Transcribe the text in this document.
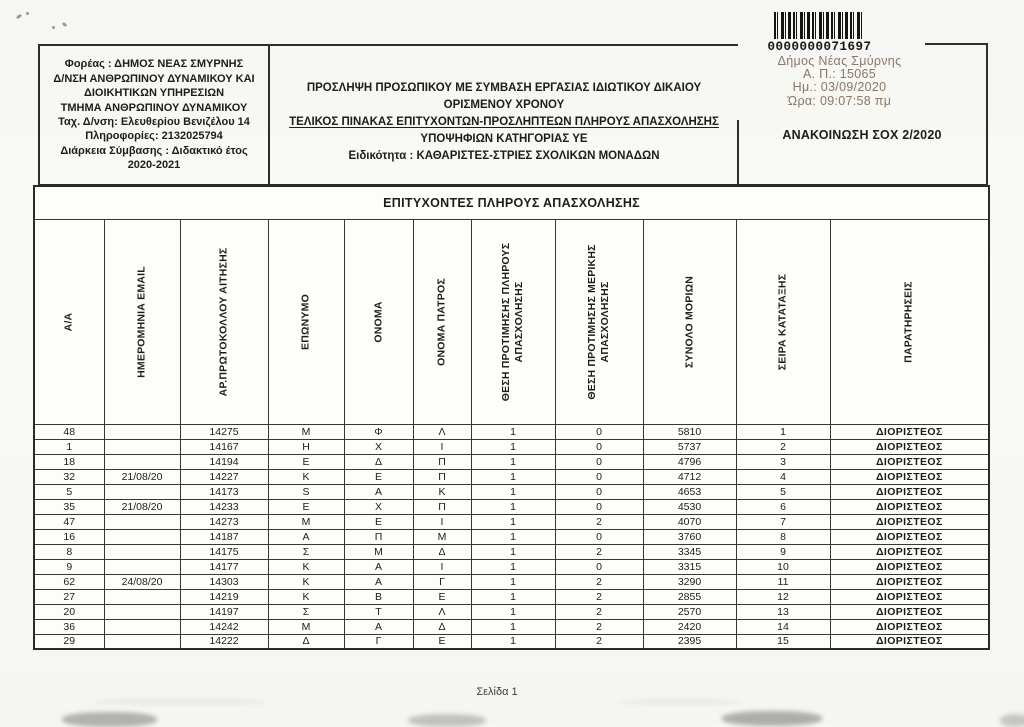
Φορέας : ΔΗΜΟΣ ΝΕΑΣ ΣΜΥΡΝΗΣ
Δ/ΝΣΗ ΑΝΘΡΩΠΙΝΟΥ ΔΥΝΑΜΙΚΟΥ ΚΑΙ
ΔΙΟΙΚΗΤΙΚΩΝ ΥΠΗΡΕΣΙΩΝ
ΤΜΗΜΑ ΑΝΘΡΩΠΙΝΟΥ ΔΥΝΑΜΙΚΟΥ
Ταχ. Δ/νση: Ελευθερίου Βενιζέλου 14
Πληροφορίες: 2132025794
Διάρκεια Σύμβασης : Διδακτικό έτος
2020-2021
ΠΡΟΣΛΗΨΗ ΠΡΟΣΩΠΙΚΟΥ ΜΕ ΣΥΜΒΑΣΗ ΕΡΓΑΣΙΑΣ ΙΔΙΩΤΙΚΟΥ ΔΙΚΑΙΟΥ
ΟΡΙΣΜΕΝΟΥ ΧΡΟΝΟΥ
ΤΕΛΙΚΟΣ ΠΙΝΑΚΑΣ ΕΠΙΤΥΧΟΝΤΩΝ-ΠΡΟΣΛΗΠΤΕΩΝ ΠΛΗΡΟΥΣ ΑΠΑΣΧΟΛΗΣΗΣ
ΥΠΟΨΗΦΙΩΝ ΚΑΤΗΓΟΡΙΑΣ ΥΕ
Ειδικότητα : ΚΑΘΑΡΙΣΤΕΣ-ΣΤΡΙΕΣ ΣΧΟΛΙΚΩΝ ΜΟΝΑΔΩΝ
ΑΝΑΚΟΙΝΩΣΗ ΣΟΧ 2/2020
0000000071697
Δήμος Νέας Σμύρνης
Α. Π.: 15065
Ημ.: 03/09/2020
Ώρα: 09:07:58 πμ
ΕΠΙΤΥΧΟΝΤΕΣ ΠΛΗΡΟΥΣ ΑΠΑΣΧΟΛΗΣΗΣ										

Α/Α	ΗΜΕΡΟΜΗΝΙΑ EMAIL	ΑΡ.ΠΡΩΤΟΚΟΛΛΟΥ ΑΙΤΗΣΗΣ	ΕΠΩΝΥΜΟ	ΟΝΟΜΑ	ΟΝΟΜΑ ΠΑΤΡΟΣ	ΘΕΣΗ ΠΡΟΤΙΜΗΣΗΣ ΠΛΗΡΟΥΣ ΑΠΑΣΧΟΛΗΣΗΣ	ΘΕΣΗ ΠΡΟΤΙΜΗΣΗΣ ΜΕΡΙΚΗΣ ΑΠΑΣΧΟΛΗΣΗΣ	ΣΥΝΟΛΟ ΜΟΡΙΩΝ	ΣΕΙΡΑ ΚΑΤΑΤΑΞΗΣ	ΠΑΡΑΤΗΡΗΣΕΙΣ

48		14275	Μ	Φ	Λ	1	0	5810	1	ΔΙΟΡΙΣΤΕΟΣ
1		14167	Η	Χ	Ι	1	0	5737	2	ΔΙΟΡΙΣΤΕΟΣ
18		14194	Ε	Δ	Π	1	0	4796	3	ΔΙΟΡΙΣΤΕΟΣ
32	21/08/20	14227	Κ	Ε	Π	1	0	4712	4	ΔΙΟΡΙΣΤΕΟΣ
5		14173	S	Α	Κ	1	0	4653	5	ΔΙΟΡΙΣΤΕΟΣ
35	21/08/20	14233	Ε	Χ	Π	1	0	4530	6	ΔΙΟΡΙΣΤΕΟΣ
47		14273	Μ	Ε	Ι	1	2	4070	7	ΔΙΟΡΙΣΤΕΟΣ
16		14187	Α	Π	Μ	1	0	3760	8	ΔΙΟΡΙΣΤΕΟΣ
8		14175	Σ	Μ	Δ	1	2	3345	9	ΔΙΟΡΙΣΤΕΟΣ
9		14177	Κ	Α	Ι	1	0	3315	10	ΔΙΟΡΙΣΤΕΟΣ
62	24/08/20	14303	Κ	Α	Γ	1	2	3290	11	ΔΙΟΡΙΣΤΕΟΣ
27		14219	Κ	Β	Ε	1	2	2855	12	ΔΙΟΡΙΣΤΕΟΣ
20		14197	Σ	Τ	Λ	1	2	2570	13	ΔΙΟΡΙΣΤΕΟΣ
36		14242	Μ	Α	Δ	1	2	2420	14	ΔΙΟΡΙΣΤΕΟΣ
29		14222	Δ	Γ	Ε	1	2	2395	15	ΔΙΟΡΙΣΤΕΟΣ
Σελίδα 1
